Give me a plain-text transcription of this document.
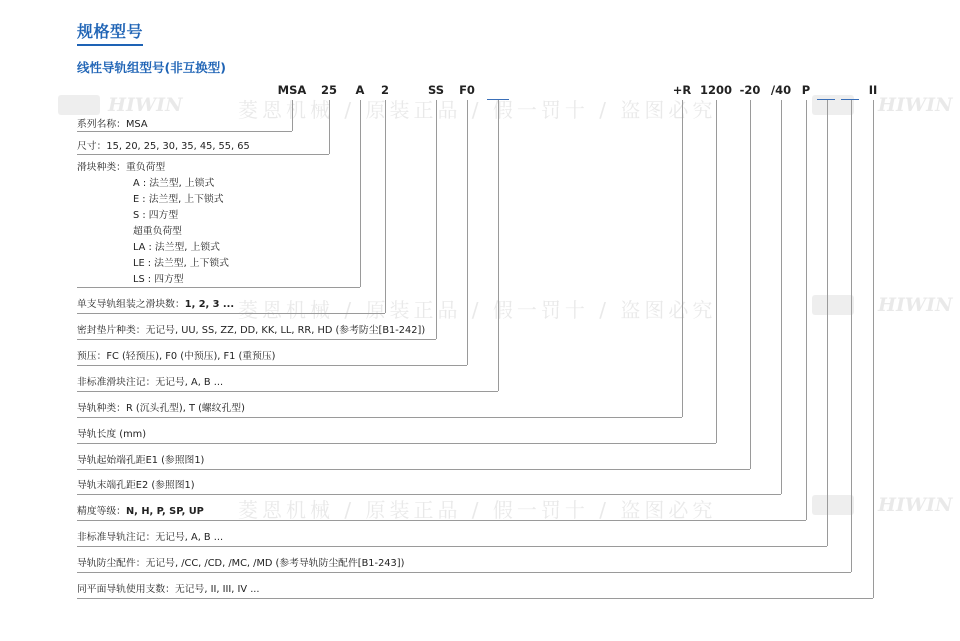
HIWIN	菱恩机械 / 原装正品 / 假一罚十 / 盗图必究	HIWIN
菱恩机械 / 原装正品 / 假一罚十 / 盗图必究	HIWIN
菱恩机械 / 原装正品 / 假一罚十 / 盗图必究	HIWIN
规格型号
线性导轨组型号(非互换型)
MSA 25 A 2	SS F0	+R 1200 -20 /40 P	II
系列名称：MSA
尺寸：15, 20, 25, 30, 35, 45, 55, 65
滑块种类：重负荷型
A : 法兰型, 上锁式
E : 法兰型, 上下锁式
S : 四方型
超重负荷型
LA : 法兰型, 上锁式
LE : 法兰型, 上下锁式
LS : 四方型
单支导轨组装之滑块数：1, 2, 3 ...
密封垫片种类：无记号, UU, SS, ZZ, DD, KK, LL, RR, HD (参考防尘[B1-242])
预压：FC (轻预压), F0 (中预压), F1 (重预压)
非标准滑块注记：无记号, A, B ...
导轨种类：R (沉头孔型), T (螺纹孔型)
导轨长度 (mm)
导轨起始端孔距E1 (参照图1)
导轨末端孔距E2 (参照图1)
精度等级：N, H, P, SP, UP
非标准导轨注记：无记号, A, B ...
导轨防尘配件：无记号, /CC, /CD, /MC, /MD (参考导轨防尘配件[B1-243])
同平面导轨使用支数：无记号, II, III, IV ...
